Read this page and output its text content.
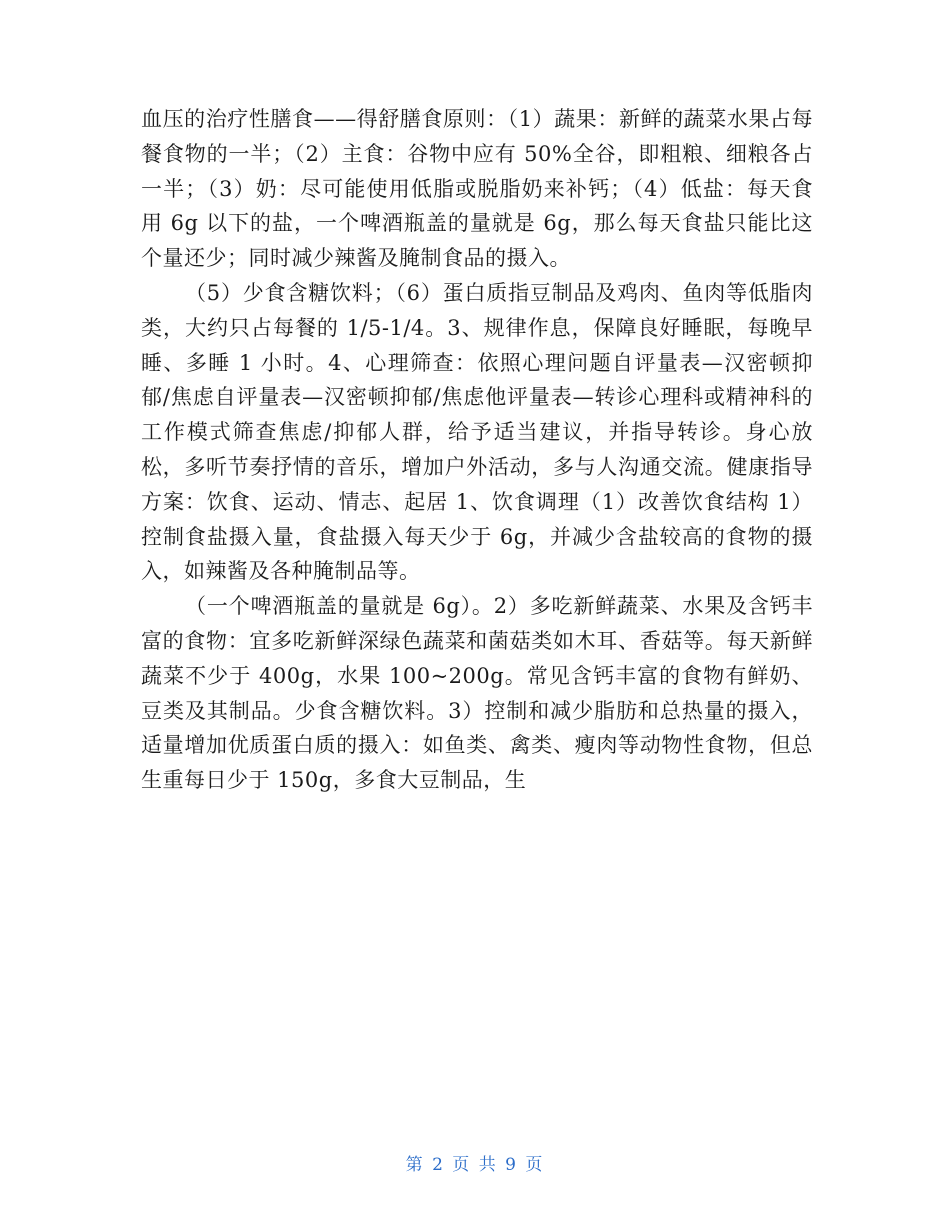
血压的治疗性膳食——得舒膳食原则：（1）蔬果：新鲜的蔬菜水果占每餐食物的一半；（2）主食：谷物中应有 50%全谷，即粗粮、细粮各占一半；（3）奶：尽可能使用低脂或脱脂奶来补钙；（4）低盐：每天食用 6g 以下的盐，一个啤酒瓶盖的量就是 6g，那么每天食盐只能比这个量还少；同时减少辣酱及腌制食品的摄入。

（5）少食含糖饮料；（6）蛋白质指豆制品及鸡肉、鱼肉等低脂肉类，大约只占每餐的 1/5-1/4。3、规律作息，保障良好睡眠，每晚早睡、多睡 1 小时。4、心理筛查：依照心理问题自评量表—汉密顿抑郁/焦虑自评量表—汉密顿抑郁/焦虑他评量表—转诊心理科或精神科的工作模式筛查焦虑/抑郁人群，给予适当建议，并指导转诊。身心放松，多听节奏抒情的音乐，增加户外活动，多与人沟通交流。健康指导方案：饮食、运动、情志、起居 1、饮食调理（1）改善饮食结构 1）控制食盐摄入量，食盐摄入每天少于 6g，并减少含盐较高的食物的摄入，如辣酱及各种腌制品等。

（一个啤酒瓶盖的量就是 6g）。2）多吃新鲜蔬菜、水果及含钙丰富的食物：宜多吃新鲜深绿色蔬菜和菌菇类如木耳、香菇等。每天新鲜蔬菜不少于 400g，水果 100~200g。常见含钙丰富的食物有鲜奶、豆类及其制品。少食含糖饮料。3）控制和减少脂肪和总热量的摄入，适量增加优质蛋白质的摄入：如鱼类、禽类、瘦肉等动物性食物，但总生重每日少于 150g，多食大豆制品，生

第 2 页 共 9 页
